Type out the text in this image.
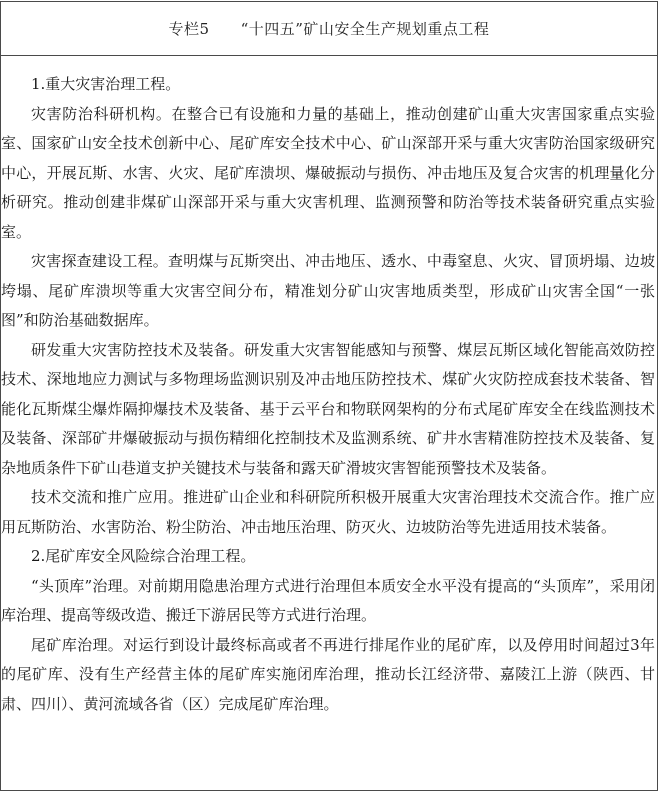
专栏5　　“十四五”矿山安全生产规划重点工程

1.重大灾害治理工程。

灾害防治科研机构。在整合已有设施和力量的基础上，推动创建矿山重大灾害国家重点实验室、国家矿山安全技术创新中心、尾矿库安全技术中心、矿山深部开采与重大灾害防治国家级研究中心，开展瓦斯、水害、火灾、尾矿库溃坝、爆破振动与损伤、冲击地压及复合灾害的机理量化分析研究。推动创建非煤矿山深部开采与重大灾害机理、监测预警和防治等技术装备研究重点实验室。

灾害探查建设工程。查明煤与瓦斯突出、冲击地压、透水、中毒窒息、火灾、冒顶坍塌、边坡垮塌、尾矿库溃坝等重大灾害空间分布，精准划分矿山灾害地质类型，形成矿山灾害全国“一张图”和防治基础数据库。

研发重大灾害防控技术及装备。研发重大灾害智能感知与预警、煤层瓦斯区域化智能高效防控技术、深地地应力测试与多物理场监测识别及冲击地压防控技术、煤矿火灾防控成套技术装备、智能化瓦斯煤尘爆炸隔抑爆技术及装备、基于云平台和物联网架构的分布式尾矿库安全在线监测技术及装备、深部矿井爆破振动与损伤精细化控制技术及监测系统、矿井水害精准防控技术及装备、复杂地质条件下矿山巷道支护关键技术与装备和露天矿滑坡灾害智能预警技术及装备。

技术交流和推广应用。推进矿山企业和科研院所积极开展重大灾害治理技术交流合作。推广应用瓦斯防治、水害防治、粉尘防治、冲击地压治理、防灭火、边坡防治等先进适用技术装备。

2.尾矿库安全风险综合治理工程。

“头顶库”治理。对前期用隐患治理方式进行治理但本质安全水平没有提高的“头顶库”，采用闭库治理、提高等级改造、搬迁下游居民等方式进行治理。

尾矿库治理。对运行到设计最终标高或者不再进行排尾作业的尾矿库，以及停用时间超过3年的尾矿库、没有生产经营主体的尾矿库实施闭库治理，推动长江经济带、嘉陵江上游（陕西、甘肃、四川）、黄河流域各省（区）完成尾矿库治理。
